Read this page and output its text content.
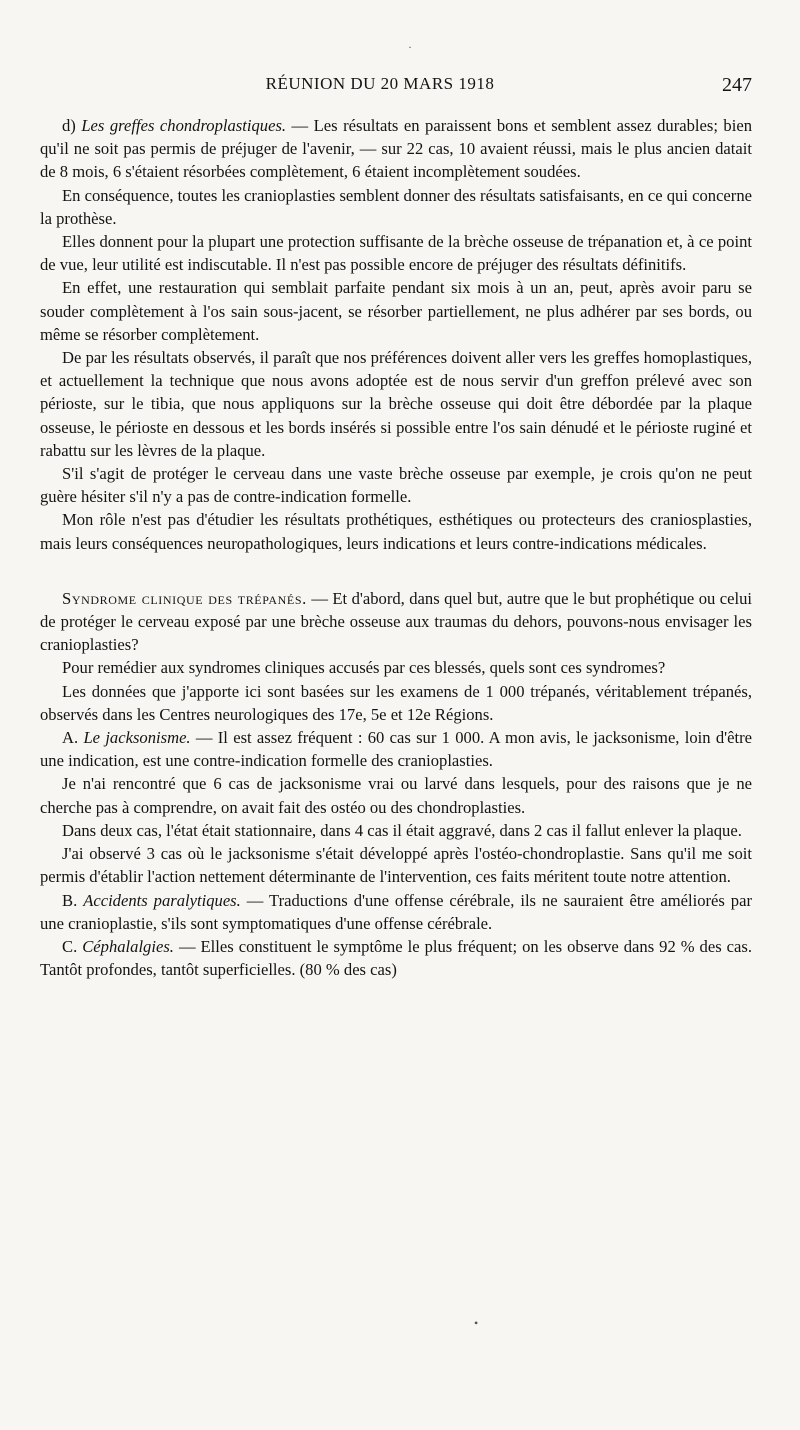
RÉUNION DU 20 MARS 1918	247

d) Les greffes chondroplastiques. — Les résultats en paraissent bons et semblent assez durables; bien qu'il ne soit pas permis de préjuger de l'avenir, — sur 22 cas, 10 avaient réussi, mais le plus ancien datait de 8 mois, 6 s'étaient résorbées complètement, 6 étaient incomplètement soudées.

En conséquence, toutes les cranioplasties semblent donner des résultats satisfaisants, en ce qui concerne la prothèse.

Elles donnent pour la plupart une protection suffisante de la brèche osseuse de trépanation et, à ce point de vue, leur utilité est indiscutable. Il n'est pas possible encore de préjuger des résultats définitifs.

En effet, une restauration qui semblait parfaite pendant six mois à un an, peut, après avoir paru se souder complètement à l'os sain sous-jacent, se résorber partiellement, ne plus adhérer par ses bords, ou même se résorber complètement.

De par les résultats observés, il paraît que nos préférences doivent aller vers les greffes homoplastiques, et actuellement la technique que nous avons adoptée est de nous servir d'un greffon prélevé avec son périoste, sur le tibia, que nous appliquons sur la brèche osseuse qui doit être débordée par la plaque osseuse, le périoste en dessous et les bords insérés si possible entre l'os sain dénudé et le périoste ruginé et rabattu sur les lèvres de la plaque.

S'il s'agit de protéger le cerveau dans une vaste brèche osseuse par exemple, je crois qu'on ne peut guère hésiter s'il n'y a pas de contre-indication formelle.

Mon rôle n'est pas d'étudier les résultats prothétiques, esthétiques ou protecteurs des craniosplasties, mais leurs conséquences neuropathologiques, leurs indications et leurs contre-indications médicales.

Syndrome clinique des trépanés. — Et d'abord, dans quel but, autre que le but prophétique ou celui de protéger le cerveau exposé par une brèche osseuse aux traumas du dehors, pouvons-nous envisager les cranioplasties?

Pour remédier aux syndromes cliniques accusés par ces blessés, quels sont ces syndromes?

Les données que j'apporte ici sont basées sur les examens de 1 000 trépanés, véritablement trépanés, observés dans les Centres neurologiques des 17e, 5e et 12e Régions.

A. Le jacksonisme. — Il est assez fréquent : 60 cas sur 1 000. A mon avis, le jacksonisme, loin d'être une indication, est une contre-indication formelle des cranioplasties.

Je n'ai rencontré que 6 cas de jacksonisme vrai ou larvé dans lesquels, pour des raisons que je ne cherche pas à comprendre, on avait fait des ostéo ou des chondroplasties.

Dans deux cas, l'état était stationnaire, dans 4 cas il était aggravé, dans 2 cas il fallut enlever la plaque.

J'ai observé 3 cas où le jacksonisme s'était développé après l'ostéo-chondroplastie. Sans qu'il me soit permis d'établir l'action nettement déterminante de l'intervention, ces faits méritent toute notre attention.

B. Accidents paralytiques. — Traductions d'une offense cérébrale, ils ne sauraient être améliorés par une cranioplastie, s'ils sont symptomatiques d'une offense cérébrale.

C. Céphalalgies. — Elles constituent le symptôme le plus fréquent; on les observe dans 92 % des cas. Tantôt profondes, tantôt superficielles. (80 % des cas)

·
•
